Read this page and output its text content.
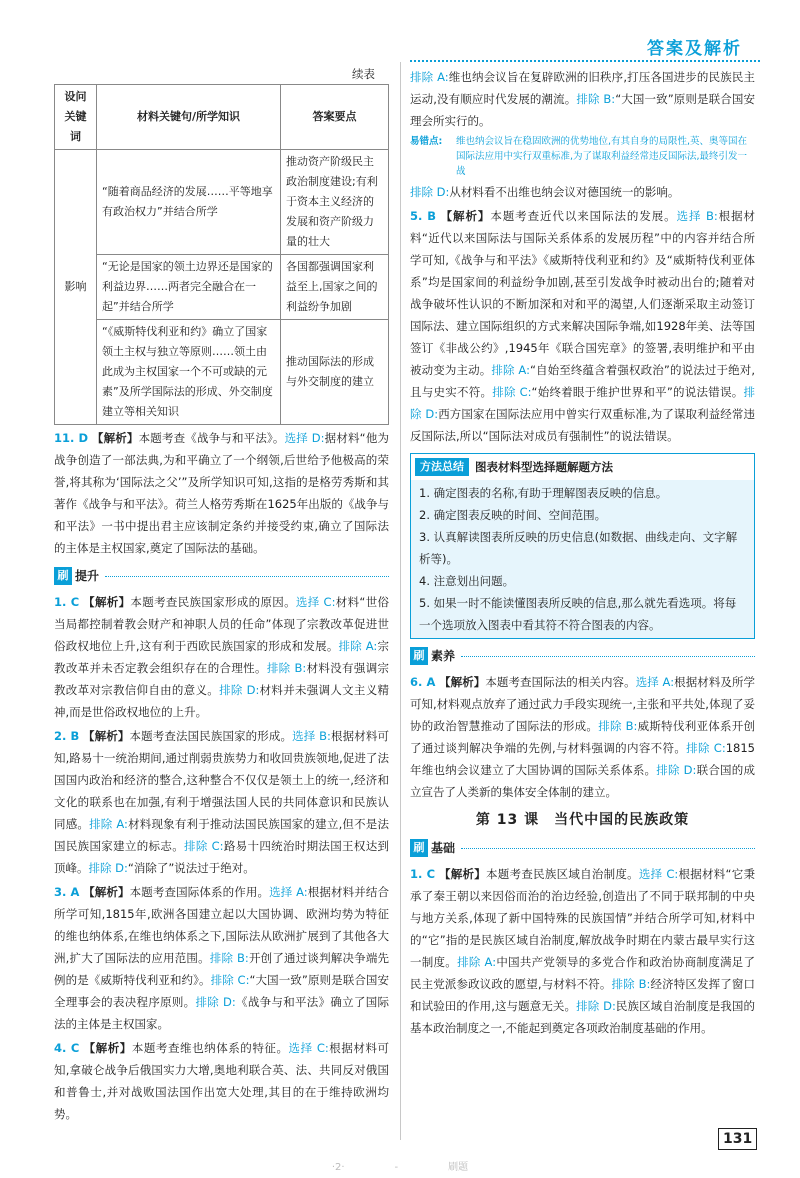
答案及解析
续表
设问关键词	材料关键句/所学知识	答案要点
影响	“随着商品经济的发展……平等地享有政治权力”并结合所学	推动资产阶级民主政治制度建设;有利于资本主义经济的发展和资产阶级力量的壮大
	“无论是国家的领土边界还是国家的利益边界……两者完全融合在一起”并结合所学	各国都强调国家利益至上,国家之间的利益纷争加剧
	“《威斯特伐利亚和约》确立了国家领土主权与独立等原则……领土由此成为主权国家一个不可或缺的元素”及所学国际法的形成、外交制度建立等相关知识	推动国际法的形成与外交制度的建立
11. D 【解析】本题考查《战争与和平法》。选择 D:据材料“他为战争创造了一部法典,为和平确立了一个纲领,后世给予他极高的荣誉,将其称为‘国际法之父’”及所学知识可知,这指的是格劳秀斯和其著作《战争与和平法》。荷兰人格劳秀斯在1625年出版的《战争与和平法》一书中提出君主应该制定条约并接受约束,确立了国际法的主体是主权国家,奠定了国际法的基础。
刷 提升
1. C 【解析】本题考查民族国家形成的原因。选择 C:材料“世俗当局都控制着教会财产和神职人员的任命”体现了宗教改革促进世俗政权地位上升,这有利于西欧民族国家的形成和发展。排除 A:宗教改革并未否定教会组织存在的合理性。排除 B:材料没有强调宗教改革对宗教信仰自由的意义。排除 D:材料并未强调人文主义精神,而是世俗政权地位的上升。
2. B 【解析】本题考查法国民族国家的形成。选择 B:根据材料可知,路易十一统治期间,通过削弱贵族势力和收回贵族领地,促进了法国国内政治和经济的整合,这种整合不仅仅是领土上的统一,经济和文化的联系也在加强,有利于增强法国人民的共同体意识和民族认同感。排除 A:材料现象有利于推动法国民族国家的建立,但不是法国民族国家建立的标志。排除 C:路易十四统治时期法国王权达到顶峰。排除 D:“消除了”说法过于绝对。
3. A 【解析】本题考查国际体系的作用。选择 A:根据材料并结合所学可知,1815年,欧洲各国建立起以大国协调、欧洲均势为特征的维也纳体系,在维也纳体系之下,国际法从欧洲扩展到了其他各大洲,扩大了国际法的应用范围。排除 B:开创了通过谈判解决争端先例的是《威斯特伐利亚和约》。排除 C:“大国一致”原则是联合国安全理事会的表决程序原则。排除 D:《战争与和平法》确立了国际法的主体是主权国家。
4. C 【解析】本题考查维也纳体系的特征。选择 C:根据材料可知,拿破仑战争后俄国实力大增,奥地利联合英、法、共同反对俄国和普鲁士,并对战败国法国作出宽大处理,其目的在于维持欧洲均势。
排除 A:维也纳会议旨在复辟欧洲的旧秩序,打压各国进步的民族民主运动,没有顺应时代发展的潮流。排除 B:“大国一致”原则是联合国安理会所实行的。
易错点:	维也纳会议旨在稳固欧洲的优势地位,有其自身的局限性,英、奥等国在国际法应用中实行双重标准,为了谋取利益经常违反国际法,最终引发一战
排除 D:从材料看不出维也纳会议对德国统一的影响。
5. B 【解析】本题考查近代以来国际法的发展。选择 B:根据材料“近代以来国际法与国际关系体系的发展历程”中的内容并结合所学可知,《战争与和平法》《威斯特伐利亚和约》及“威斯特伐利亚体系”均是国家间的利益纷争加剧,甚至引发战争时被动出台的;随着对战争破坏性认识的不断加深和对和平的渴望,人们逐渐采取主动签订国际法、建立国际组织的方式来解决国际争端,如1928年美、法等国签订《非战公约》,1945年《联合国宪章》的签署,表明维护和平由被动变为主动。排除 A:“自始至终蕴含着强权政治”的说法过于绝对,且与史实不符。排除 C:“始终着眼于维护世界和平”的说法错误。排除 D:西方国家在国际法应用中曾实行双重标准,为了谋取利益经常违反国际法,所以“国际法对成员有强制性”的说法错误。
方法总结 图表材料型选择题解题方法
1. 确定图表的名称,有助于理解图表反映的信息。
2. 确定图表反映的时间、空间范围。
3. 认真解读图表所反映的历史信息(如数据、曲线走向、文字解析等)。
4. 注意划出问题。
5. 如果一时不能读懂图表所反映的信息,那么就先看选项。将每一个选项放入图表中看其符不符合图表的内容。
刷 素养
6. A 【解析】本题考查国际法的相关内容。选择 A:根据材料及所学可知,材料观点放弃了通过武力手段实现统一,主张和平共处,体现了妥协的政治智慧推动了国际法的形成。排除 B:威斯特伐利亚体系开创了通过谈判解决争端的先例,与材料强调的内容不符。排除 C:1815年维也纳会议建立了大国协调的国际关系体系。排除 D:联合国的成立宣告了人类新的集体安全体制的建立。
第 13 课　当代中国的民族政策
刷 基础
1. C 【解析】本题考查民族区域自治制度。选择 C:根据材料“它秉承了秦王朝以来因俗而治的治边经验,创造出了不同于联邦制的中央与地方关系,体现了新中国特殊的民族国情”并结合所学可知,材料中的“它”指的是民族区域自治制度,解放战争时期在内蒙古最早实行这一制度。排除 A:中国共产党领导的多党合作和政治协商制度满足了民主党派参政议政的愿望,与材料不符。排除 B:经济特区发挥了窗口和试验田的作用,这与题意无关。排除 D:民族区域自治制度是我国的基本政治制度之一,不能起到奠定各项政治制度基础的作用。
131
·2·　　　　　-　　　　　刷题
